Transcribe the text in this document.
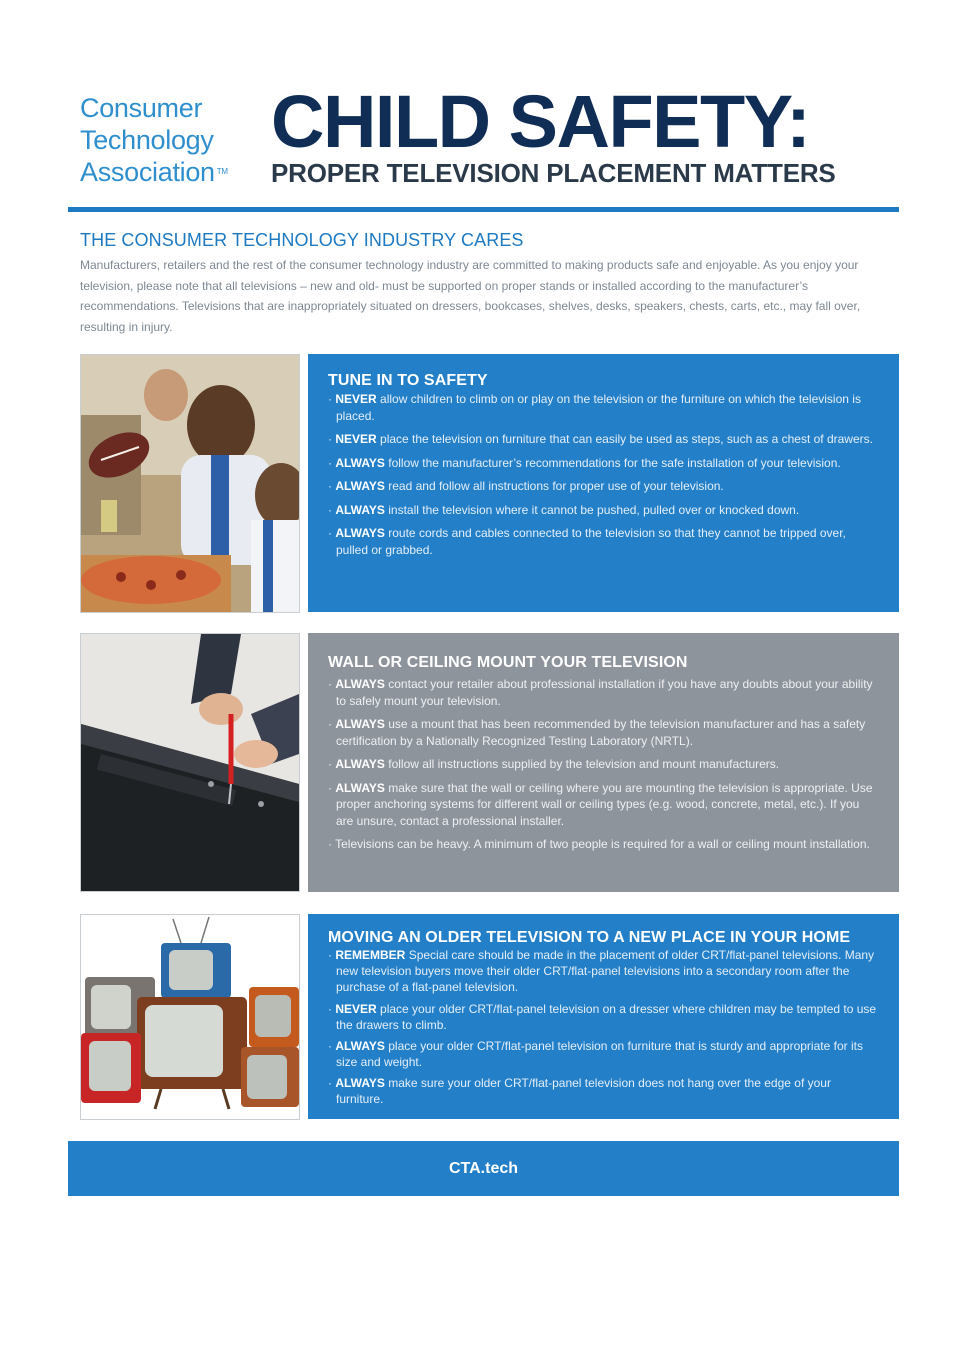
Consumer
Technology
Association ™
CHILD SAFETY:
PROPER TELEVISION PLACEMENT MATTERS
THE CONSUMER TECHNOLOGY INDUSTRY CARES

Manufacturers, retailers and the rest of the consumer technology industry are committed to making products safe and enjoyable. As you enjoy your television, please note that all televisions – new and old- must be supported on proper stands or installed according to the manufacturer’s recommendations. Televisions that are inappropriately situated on dressers, bookcases, shelves, desks, speakers, chests, carts, etc., may fall over, resulting in injury.

TUNE IN TO SAFETY
· NEVER allow children to climb on or play on the television or the furniture on which the television is placed.
· NEVER place the television on furniture that can easily be used as steps, such as a chest of drawers.
· ALWAYS follow the manufacturer’s recommendations for the safe installation of your television.
· ALWAYS read and follow all instructions for proper use of your television.
· ALWAYS install the television where it cannot be pushed, pulled over or knocked down.
· ALWAYS route cords and cables connected to the television so that they cannot be tripped over, pulled or grabbed.
WALL OR CEILING MOUNT YOUR TELEVISION
· ALWAYS contact your retailer about professional installation if you have any doubts about your ability to safely mount your television.
· ALWAYS use a mount that has been recommended by the television manufacturer and has a safety certification by a Nationally Recognized Testing Laboratory (NRTL).
· ALWAYS follow all instructions supplied by the television and mount manufacturers.
· ALWAYS make sure that the wall or ceiling where you are mounting the television is appropriate. Use proper anchoring systems for different wall or ceiling types (e.g. wood, concrete, metal, etc.). If you are unsure, contact a professional installer.
· Televisions can be heavy. A minimum of two people is required for a wall or ceiling mount installation.
MOVING AN OLDER TELEVISION TO A NEW PLACE IN YOUR HOME
· REMEMBER Special care should be made in the placement of older CRT/flat-panel televisions. Many new television buyers move their older CRT/flat-panel televisions into a secondary room after the purchase of a flat-panel television.
· NEVER place your older CRT/flat-panel television on a dresser where children may be tempted to use the drawers to climb.
· ALWAYS place your older CRT/flat-panel television on furniture that is sturdy and appropriate for its size and weight.
· ALWAYS make sure your older CRT/flat-panel television does not hang over the edge of your furniture.
CTA.tech
